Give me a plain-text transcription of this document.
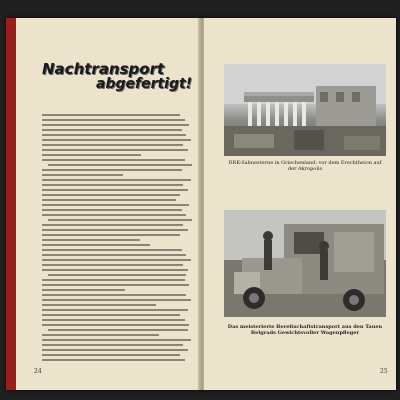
Nachtransport
abgefertigt!
24
DRK-Sahnesterne in Griechenland: vor dem Erechtheion auf der Akropolis
Das meisterierte Bereitschaftstransport aus den Tauen Belgrads Gewichtsvoller Wagenpfleger
25
